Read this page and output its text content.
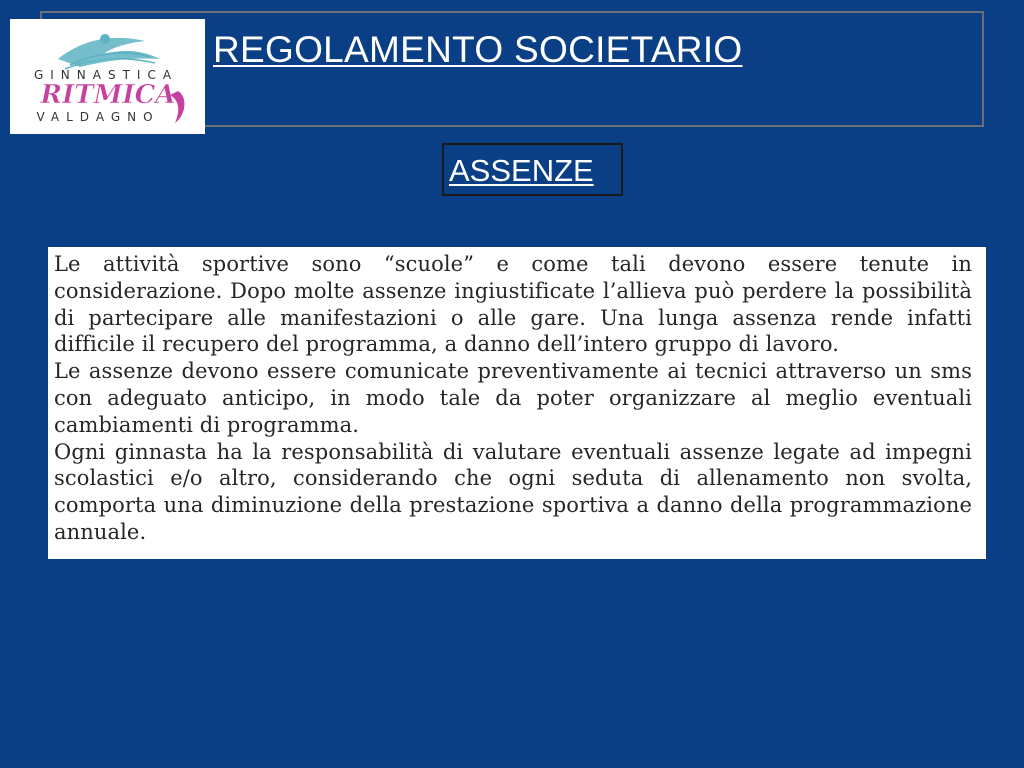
GINNASTICA
RITMICA
VALDAGNO
REGOLAMENTO SOCIETARIO
ASSENZE

Le attività sportive sono “scuole” e come tali devono essere tenute in considerazione. Dopo molte assenze ingiustificate l’allieva può perdere la possibilità di partecipare alle manifestazioni o alle gare. Una lunga assenza rende infatti difficile il recupero del programma, a danno dell’intero gruppo di lavoro.

Le assenze devono essere comunicate preventivamente ai tecnici attraverso un sms con adeguato anticipo, in modo tale da poter organizzare al meglio eventuali cambiamenti di programma.

Ogni ginnasta ha la responsabilità di valutare eventuali assenze legate ad impegni scolastici e/o altro, considerando che ogni seduta di allenamento non svolta, comporta una diminuzione della prestazione sportiva a danno della programmazione annuale.
